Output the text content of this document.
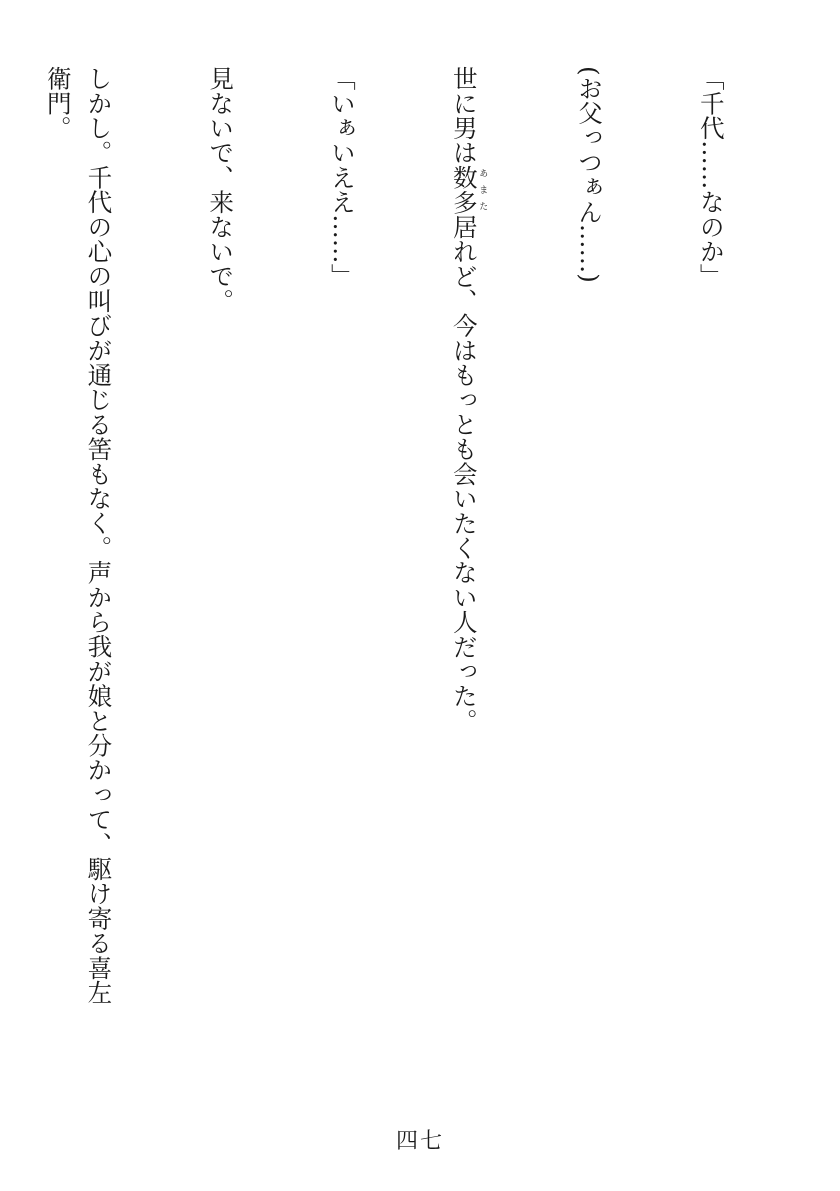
「千代……なのか」

(お父っつぁん……)

世に男は数多あまた居れど、今はもっとも会いたくない人だった。

「いぁいええ……」

見ないで、来ないで。

しかし。千代の心の叫びが通じる筈もなく。声から我が娘と分かって、駆け寄る喜左衛門。

四七
